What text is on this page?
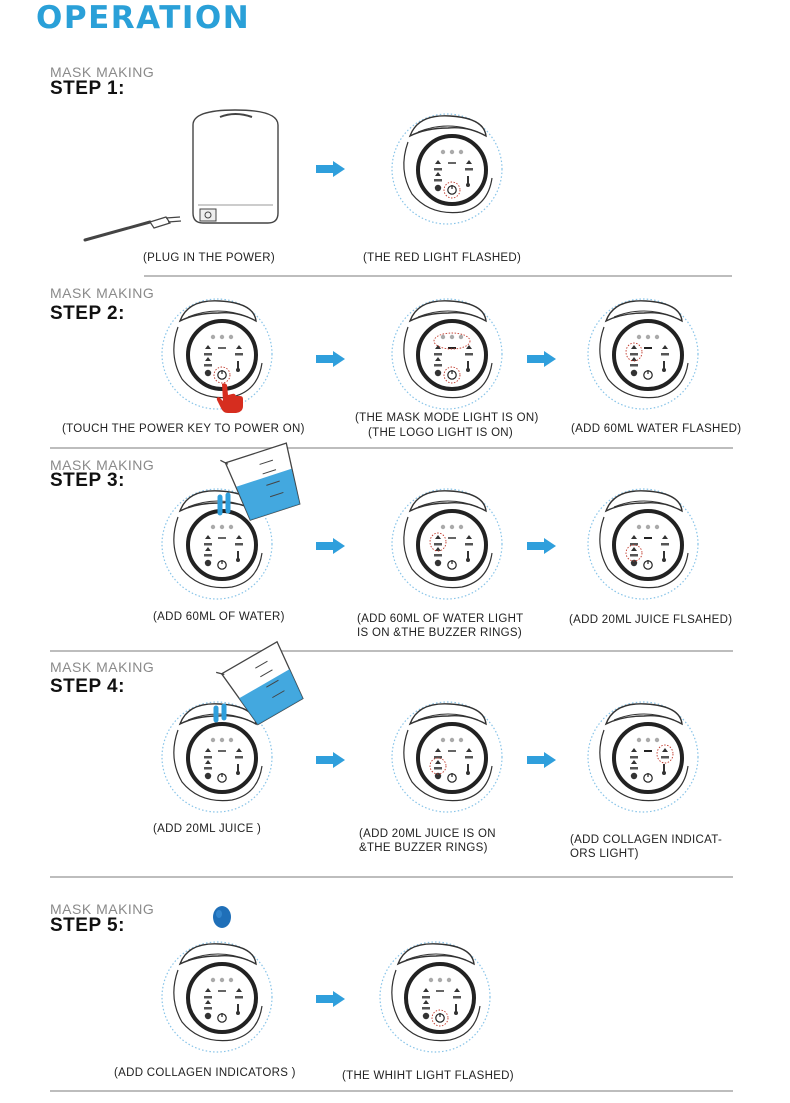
OPERATION
MASK MAKING
STEP 1:
(PLUG IN THE POWER)	(THE RED LIGHT FLASHED)
MASK MAKING
STEP 2:
(TOUCH THE POWER KEY TO POWER ON)
(THE MASK MODE LIGHT IS ON)
(THE LOGO LIGHT IS ON)	(ADD 60ML WATER FLASHED)
MASK MAKING
STEP 3:
(ADD 60ML OF WATER)	(ADD 60ML OF WATER LIGHT
IS ON &THE BUZZER RINGS)
(ADD 20ML JUICE FLSAHED)
MASK MAKING
STEP 4:
(ADD 20ML JUICE )	(ADD 20ML JUICE IS ON
&THE BUZZER RINGS)
(ADD COLLAGEN INDICAT-
ORS LIGHT)
MASK MAKING
STEP 5:
(ADD COLLAGEN INDICATORS )	(THE WHIHT LIGHT FLASHED)
